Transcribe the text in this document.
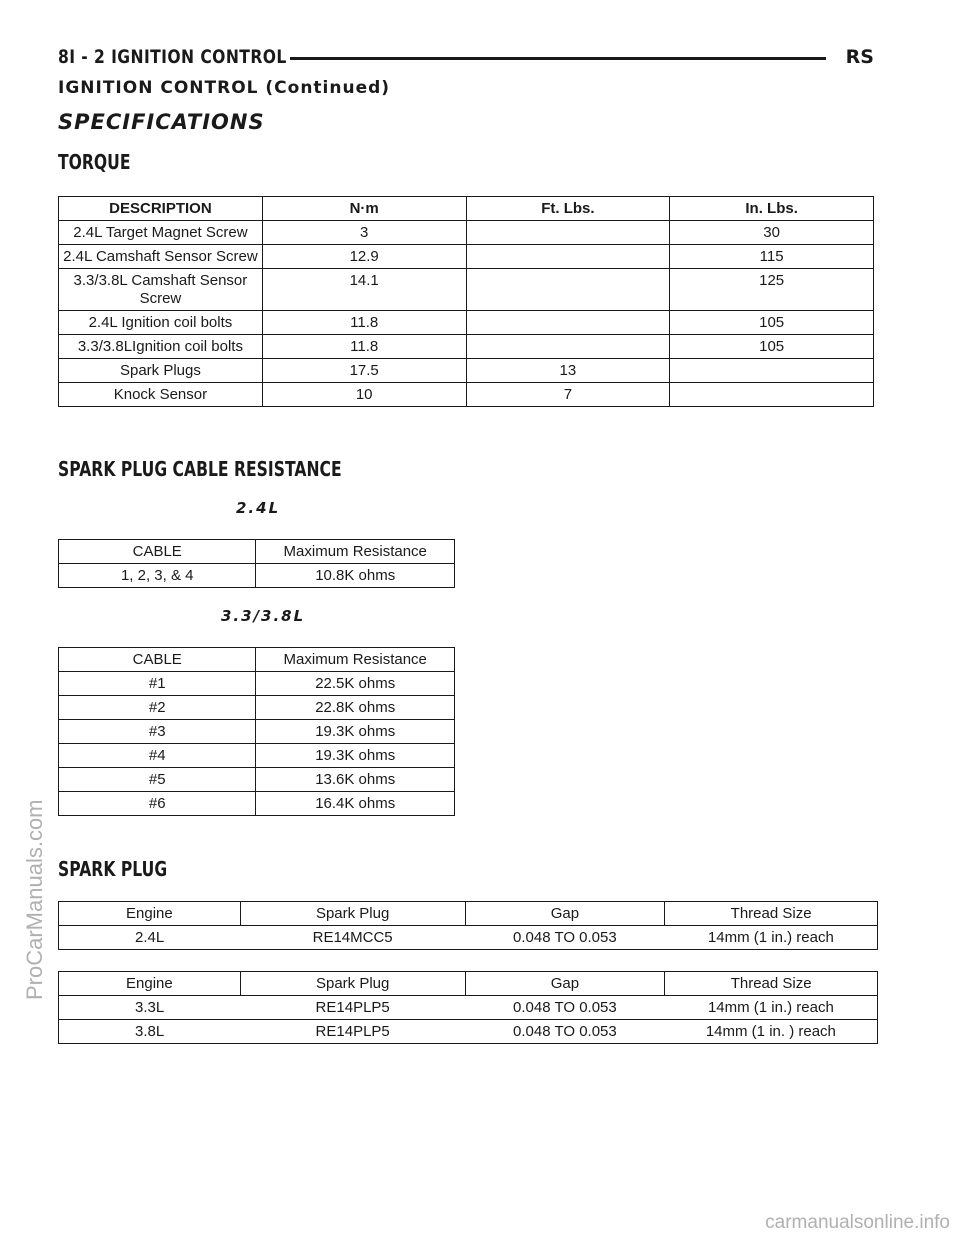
8I - 2 IGNITION CONTROL	RS
IGNITION CONTROL (Continued)
SPECIFICATIONS
TORQUE
DESCRIPTION	N·m	Ft. Lbs.	In. Lbs.
2.4L Target Magnet Screw	3		30
2.4L Camshaft Sensor Screw	12.9		115
3.3/3.8L Camshaft Sensor Screw	14.1		125
2.4L Ignition coil bolts	11.8		105
3.3/3.8LIgnition coil bolts	11.8		105
Spark Plugs	17.5	13	
Knock Sensor	10	7	
SPARK PLUG CABLE RESISTANCE
2.4L
CABLE	Maximum Resistance
1, 2, 3, & 4	10.8K ohms
3.3/3.8L
CABLE	Maximum Resistance
#1	22.5K ohms
#2	22.8K ohms
#3	19.3K ohms
#4	19.3K ohms
#5	13.6K ohms
#6	16.4K ohms
SPARK PLUG
Engine	Spark Plug	Gap	Thread Size
2.4L	RE14MCC5	0.048 TO 0.053	14mm (1 in.) reach
Engine	Spark Plug	Gap	Thread Size
3.3L	RE14PLP5	0.048 TO 0.053	14mm (1 in.) reach
3.8L	RE14PLP5	0.048 TO 0.053	14mm (1 in. ) reach
ProCarManuals.com
carmanualsonline.info
